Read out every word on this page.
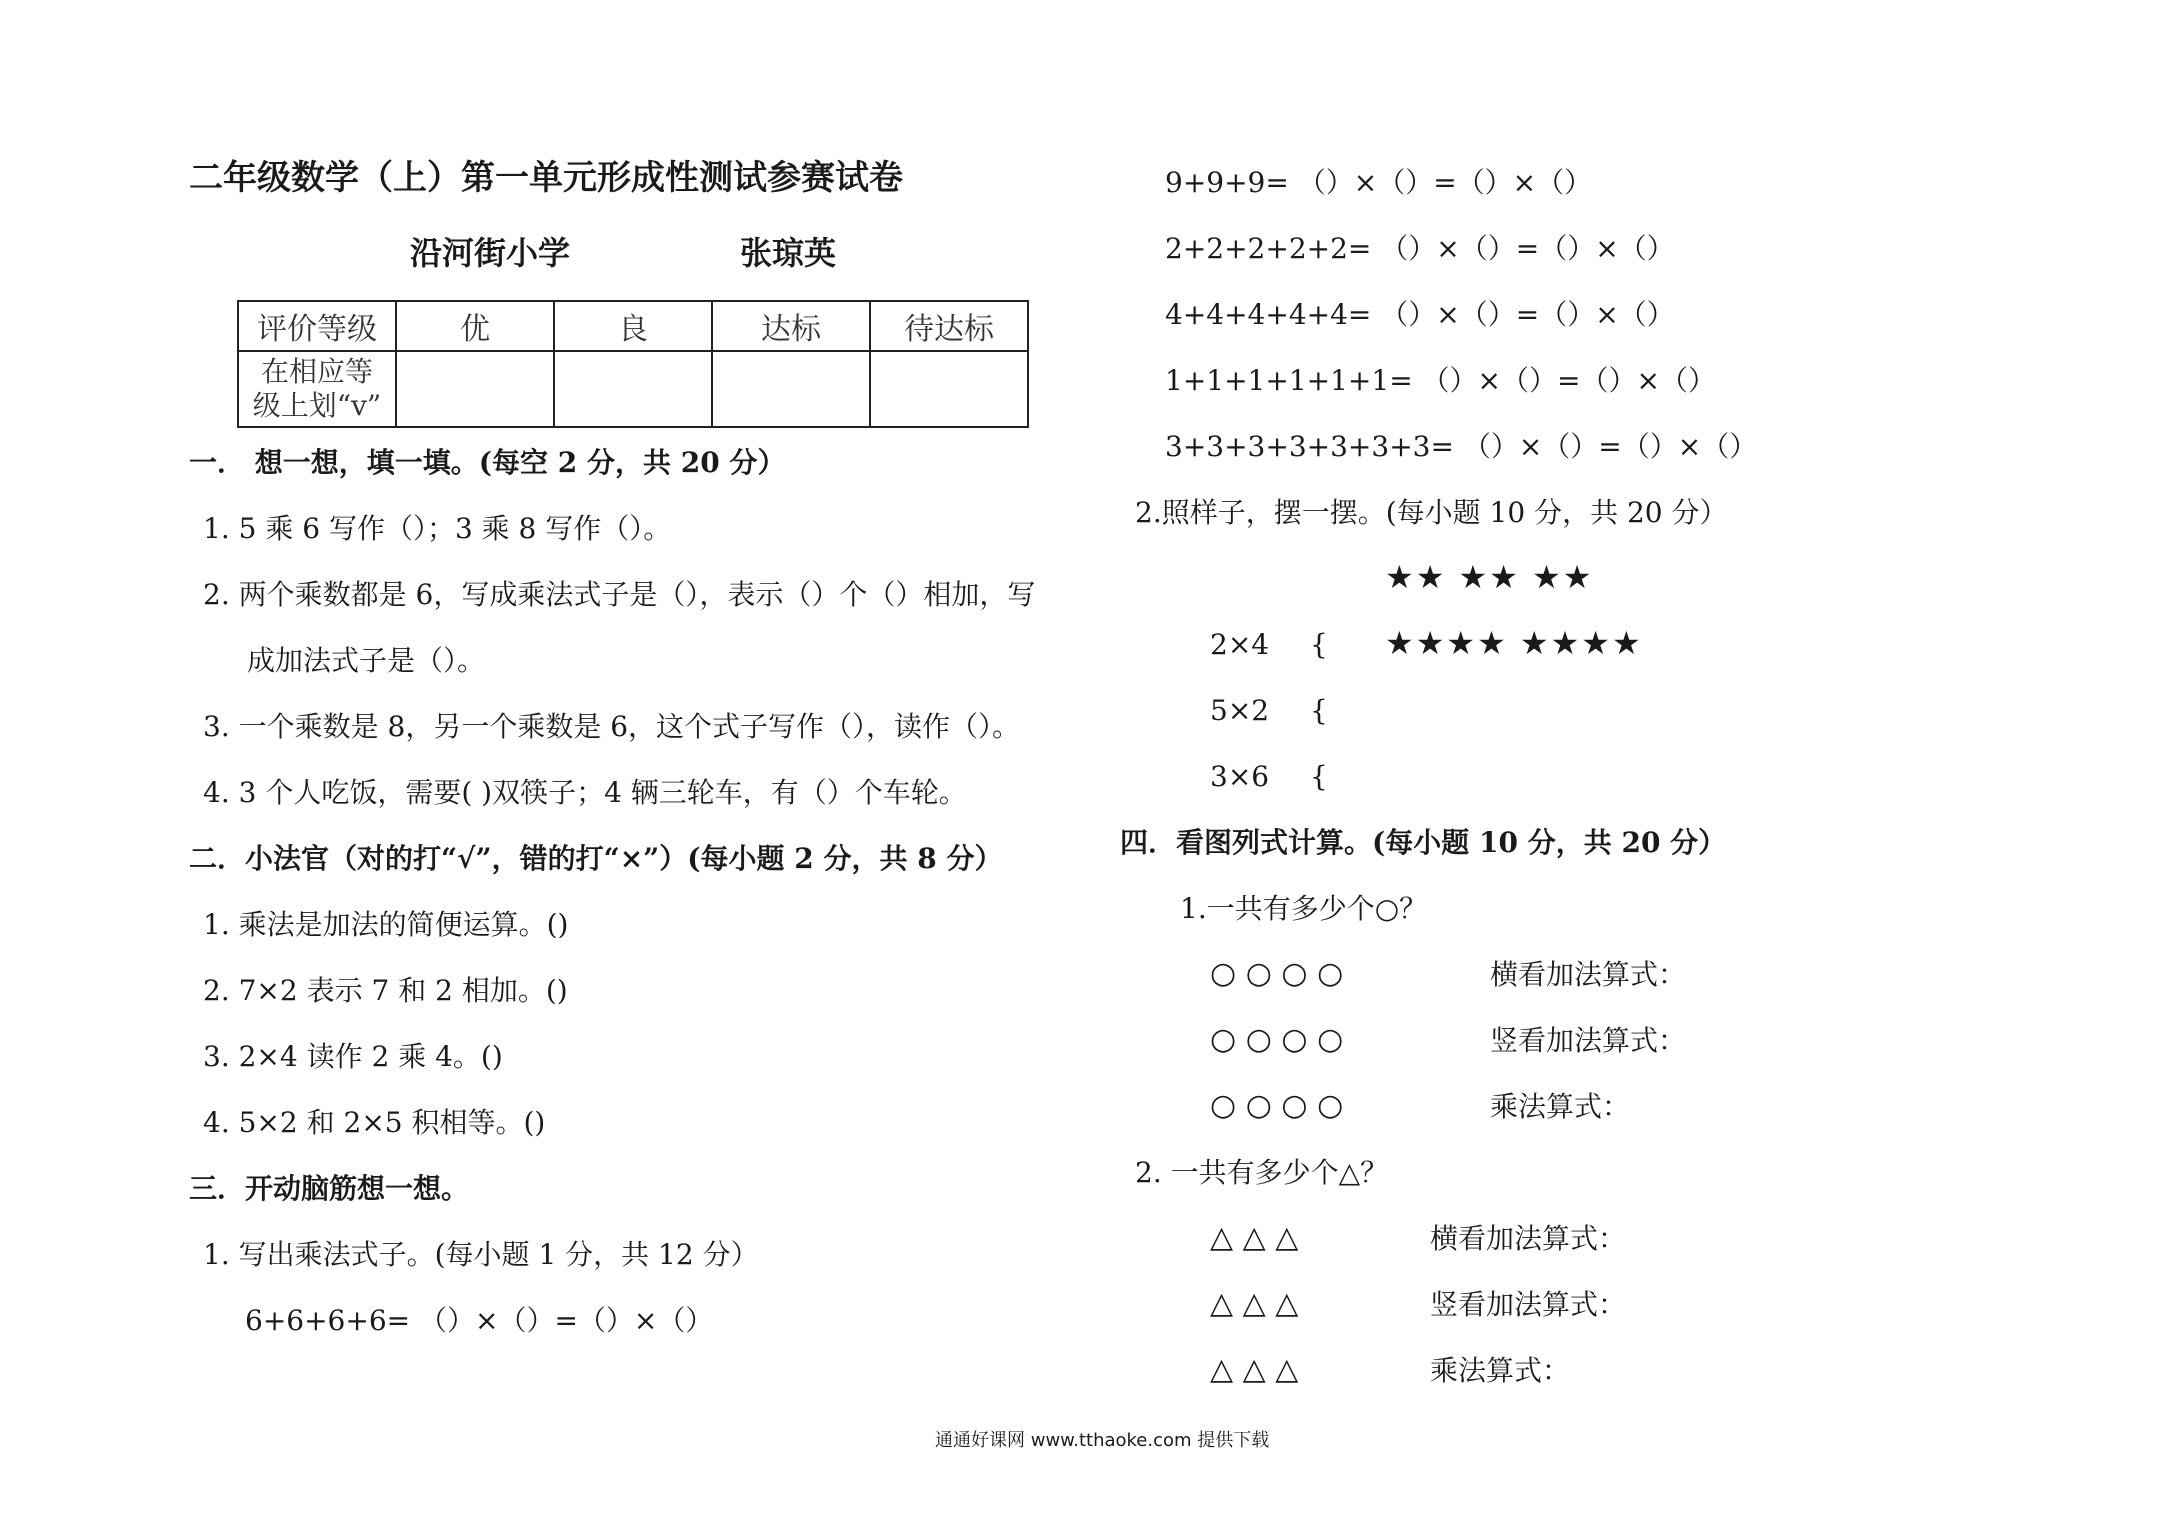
二年级数学（上）第一单元形成性测试参赛试卷
沿河街小学	张琼英
评价等级	优	良	达标	待达标

在相应等
级上划“v”				

一． 想一想，填一填。(每空 2 分，共 20 分）
1. 5 乘 6 写作（）；3 乘 8 写作（）。
2. 两个乘数都是 6，写成乘法式子是（），表示（）个（）相加，写
成加法式子是（）。
3. 一个乘数是 8，另一个乘数是 6，这个式子写作（），读作（）。
4. 3 个人吃饭，需要( )双筷子；4 辆三轮车，有（）个车轮。
二．小法官（对的打“√”，错的打“×”）(每小题 2 分，共 8 分）
1. 乘法是加法的简便运算。()
2. 7×2 表示 7 和 2 相加。()
3. 2×4 读作 2 乘 4。()
4. 5×2 和 2×5 积相等。()
三．开动脑筋想一想。
1. 写出乘法式子。(每小题 1 分，共 12 分）
6+6+6+6= （）×（）=（）×（）
9+9+9= （）×（）=（）×（）
2+2+2+2+2= （）×（）=（）×（）
4+4+4+4+4= （）×（）=（）×（）
1+1+1+1+1+1= （）×（）=（）×（）
3+3+3+3+3+3+3= （）×（）=（）×（）
2.照样子，摆一摆。(每小题 10 分，共 20 分）
★★ ★★ ★★
2×4 { ★★★★ ★★★★
5×2 {
3×6 {
四．看图列式计算。(每小题 10 分，共 20 分）
1.一共有多少个○？
○ ○ ○ ○	横看加法算式：
○ ○ ○ ○	竖看加法算式：
○ ○ ○ ○	乘法算式：
2. 一共有多少个△？
△ △ △	横看加法算式：
△ △ △	竖看加法算式：
△ △ △	乘法算式：
通通好课网 www.tthaoke.com 提供下载
